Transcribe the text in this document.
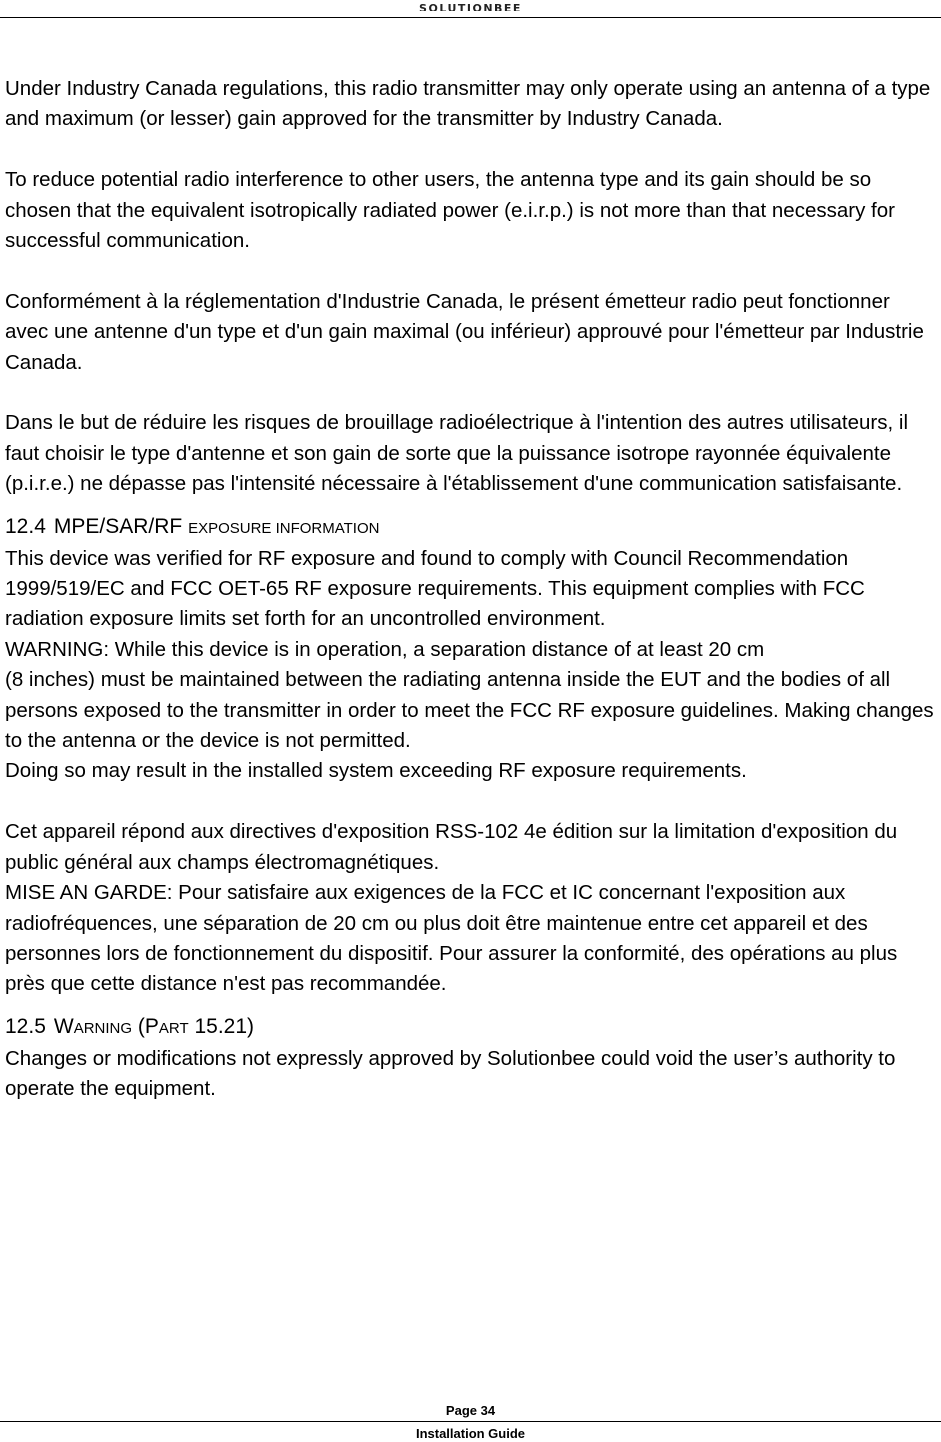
solutionbee

Under Industry Canada regulations, this radio transmitter may only operate using an antenna of a type and maximum (or lesser) gain approved for the transmitter by Industry Canada.

To reduce potential radio interference to other users, the antenna type and its gain should be so chosen that the equivalent isotropically radiated power (e.i.r.p.) is not more than that necessary for successful communication.

Conformément à la réglementation d'Industrie Canada, le présent émetteur radio peut fonctionner avec une antenne d'un type et d'un gain maximal (ou inférieur) approuvé pour l'émetteur par Industrie Canada.

Dans le but de réduire les risques de brouillage radioélectrique à l'intention des autres utilisateurs, il faut choisir le type d'antenne et son gain de sorte que la puissance isotrope rayonnée équivalente (p.i.r.e.) ne dépasse pas l'intensité nécessaire à l'établissement d'une communication satisfaisante.

12.4 MPE/SAR/RF EXPOSURE INFORMATION

This device was verified for RF exposure and found to comply with Council Recommendation 1999/519/EC and FCC OET-65 RF exposure requirements. This equipment complies with FCC radiation exposure limits set forth for an uncontrolled environment.

WARNING: While this device is in operation, a separation distance of at least 20 cm

(8 inches) must be maintained between the radiating antenna inside the EUT and the bodies of all persons exposed to the transmitter in order to meet the FCC RF exposure guidelines. Making changes to the antenna or the device is not permitted.

Doing so may result in the installed system exceeding RF exposure requirements.

Cet appareil répond aux directives d'exposition RSS-102 4e édition sur la limitation d'exposition du public général aux champs électromagnétiques.

MISE AN GARDE: Pour satisfaire aux exigences de la FCC et IC concernant l'exposition aux radiofréquences, une séparation de 20 cm ou plus doit être maintenue entre cet appareil et des personnes lors de fonctionnement du dispositif. Pour assurer la conformité, des opérations au plus près que cette distance n'est pas recommandée.

12.5 WARNING (PART 15.21)

Changes or modifications not expressly approved by Solutionbee could void the user’s authority to operate the equipment.

Page 34
Installation Guide
